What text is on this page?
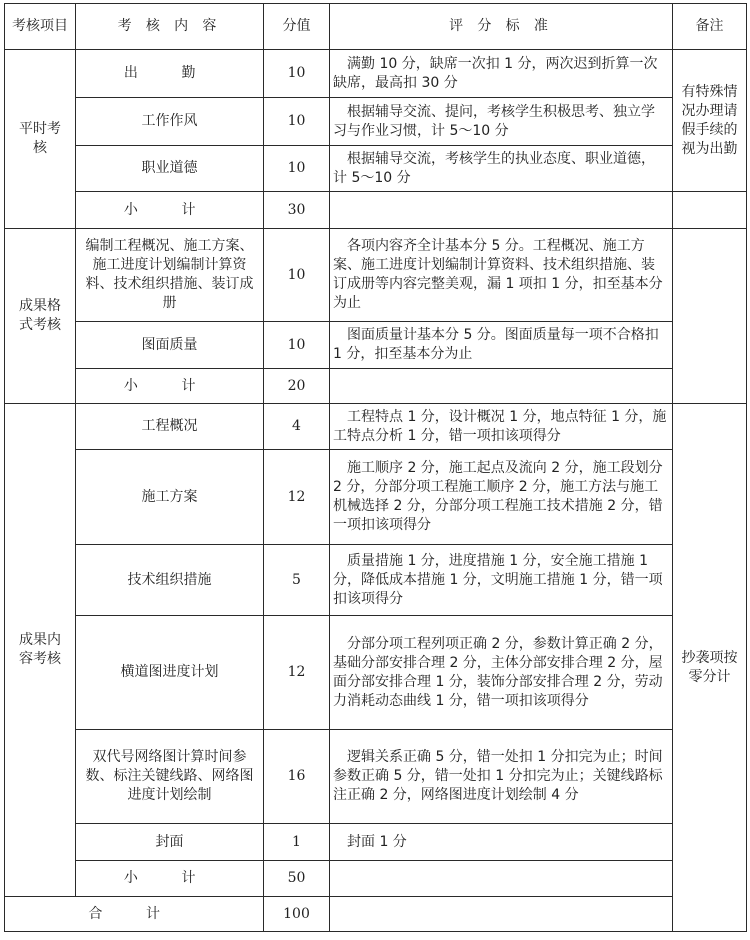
考核项目	考 核 内 容	分值	评 分 标 准	备注	
平时考核	出 勤	10	满勤 10 分，缺席一次扣 1 分，两次迟到折算一次缺席，最高扣 30 分	有特殊情况办理请假手续的视为出勤	
	工作作风	10	根据辅导交流、提问，考核学生积极思考、独立学习与作业习惯，计 5～10 分		
	职业道德	10	根据辅导交流，考核学生的执业态度、职业道德，计 5～10 分		
	小 计	30			
成果格式考核	编制工程概况、施工方案、施工进度计划编制计算资料、技术组织措施、装订成册	10	各项内容齐全计基本分 5 分。工程概况、施工方案、施工进度计划编制计算资料、技术组织措施、装订成册等内容完整美观，漏 1 项扣 1 分，扣至基本分为止		
	图面质量	10	图面质量计基本分 5 分。图面质量每一项不合格扣 1 分，扣至基本分为止		
	小 计	20			
成果内容考核	工程概况	4	工程特点 1 分，设计概况 1 分，地点特征 1 分，施工特点分析 1 分，错一项扣该项得分	抄袭项按零分计	
	施工方案	12	施工顺序 2 分，施工起点及流向 2 分，施工段划分 2 分，分部分项工程施工顺序 2 分，施工方法与施工机械选择 2 分，分部分项工程施工技术措施 2 分，错一项扣该项得分		
	技术组织措施	5	质量措施 1 分，进度措施 1 分，安全施工措施 1 分，降低成本措施 1 分，文明施工措施 1 分，错一项扣该项得分		
	横道图进度计划	12	分部分项工程列项正确 2 分，参数计算正确 2 分，基础分部安排合理 2 分，主体分部安排合理 2 分，屋面分部安排合理 1 分，装饰分部安排合理 2 分，劳动力消耗动态曲线 1 分，错一项扣该项得分		
	双代号网络图计算时间参数、标注关键线路、网络图进度计划绘制	16	逻辑关系正确 5 分，错一处扣 1 分扣完为止；时间参数正确 5 分，错一处扣 1 分扣完为止；关键线路标注正确 2 分，网络图进度计划绘制 4 分		
	封面	1	封面 1 分		
	小 计	50			
合 计		100			
